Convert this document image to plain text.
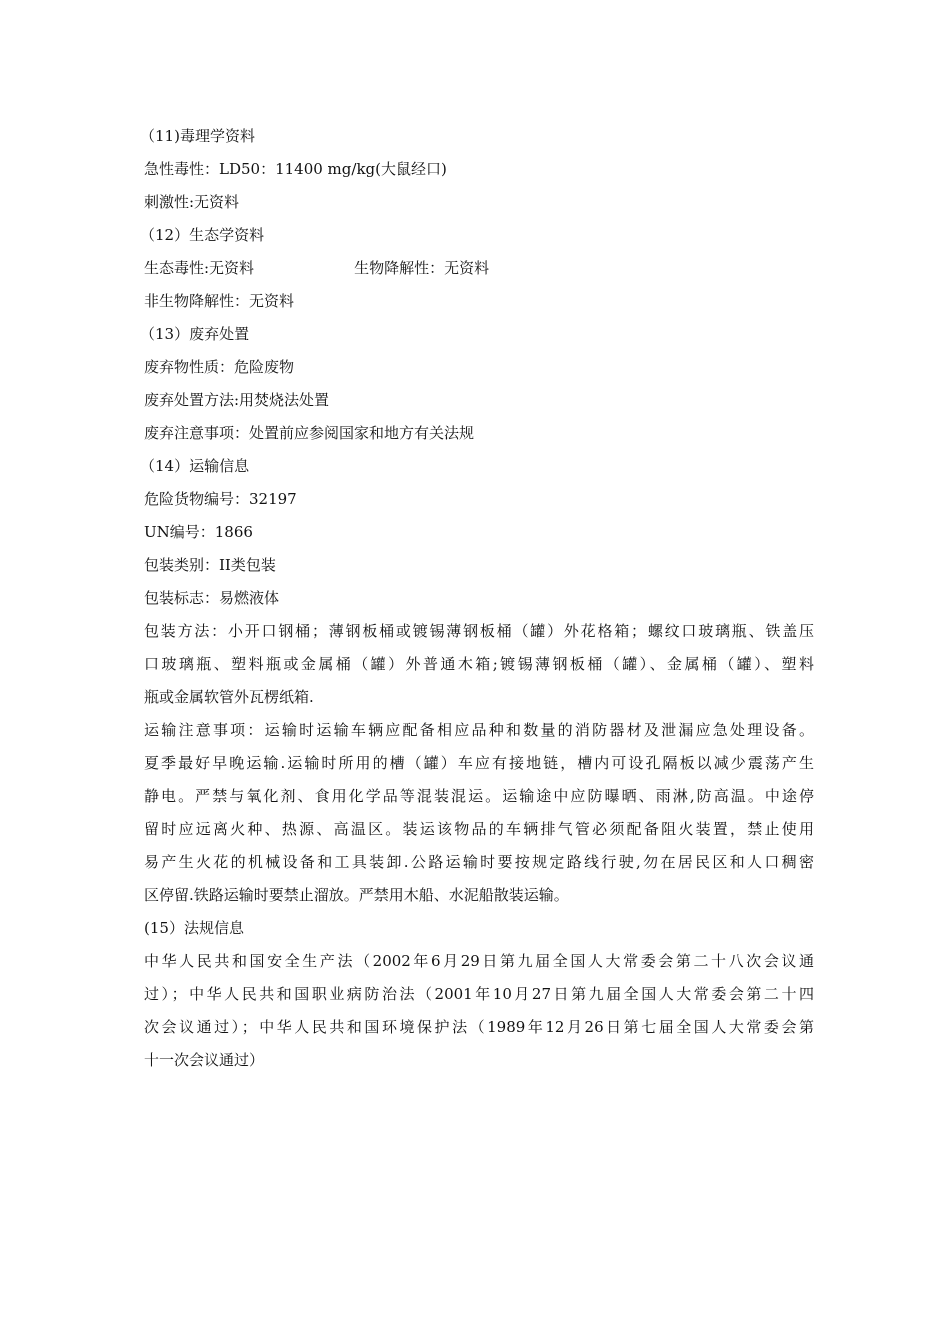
（11)毒理学资料
急性毒性：LD50：11400 mg/kg(大鼠经口)
刺激性:无资料
（12）生态学资料
生态毒性:无资料	生物降解性：无资料
非生物降解性：无资料
（13）废弃处置
废弃物性质：危险废物
废弃处置方法:用焚烧法处置
废弃注意事项：处置前应参阅国家和地方有关法规
（14）运输信息
危险货物编号：32197
UN编号：1866
包装类别：II类包装
包装标志：易燃液体
包装方法：小开口钢桶；薄钢板桶或镀锡薄钢板桶（罐）外花格箱；螺纹口玻璃瓶、铁盖压
口玻璃瓶、塑料瓶或金属桶（罐）外普通木箱;镀锡薄钢板桶（罐）、金属桶（罐）、塑料
瓶或金属软管外瓦楞纸箱.
运输注意事项：运输时运输车辆应配备相应品种和数量的消防器材及泄漏应急处理设备。
夏季最好早晚运输.运输时所用的槽（罐）车应有接地链，槽内可设孔隔板以减少震荡产生
静电。严禁与氧化剂、食用化学品等混装混运。运输途中应防曝晒、雨淋,防高温。中途停
留时应远离火种、热源、高温区。装运该物品的车辆排气管必须配备阻火装置，禁止使用
易产生火花的机械设备和工具装卸.公路运输时要按规定路线行驶,勿在居民区和人口稠密
区停留.铁路运输时要禁止溜放。严禁用木船、水泥船散装运输。
(15）法规信息
中华人民共和国安全生产法（2002年6月29日第九届全国人大常委会第二十八次会议通
过）；中华人民共和国职业病防治法（2001年10月27日第九届全国人大常委会第二十四
次会议通过）；中华人民共和国环境保护法（1989年12月26日第七届全国人大常委会第
十一次会议通过）
